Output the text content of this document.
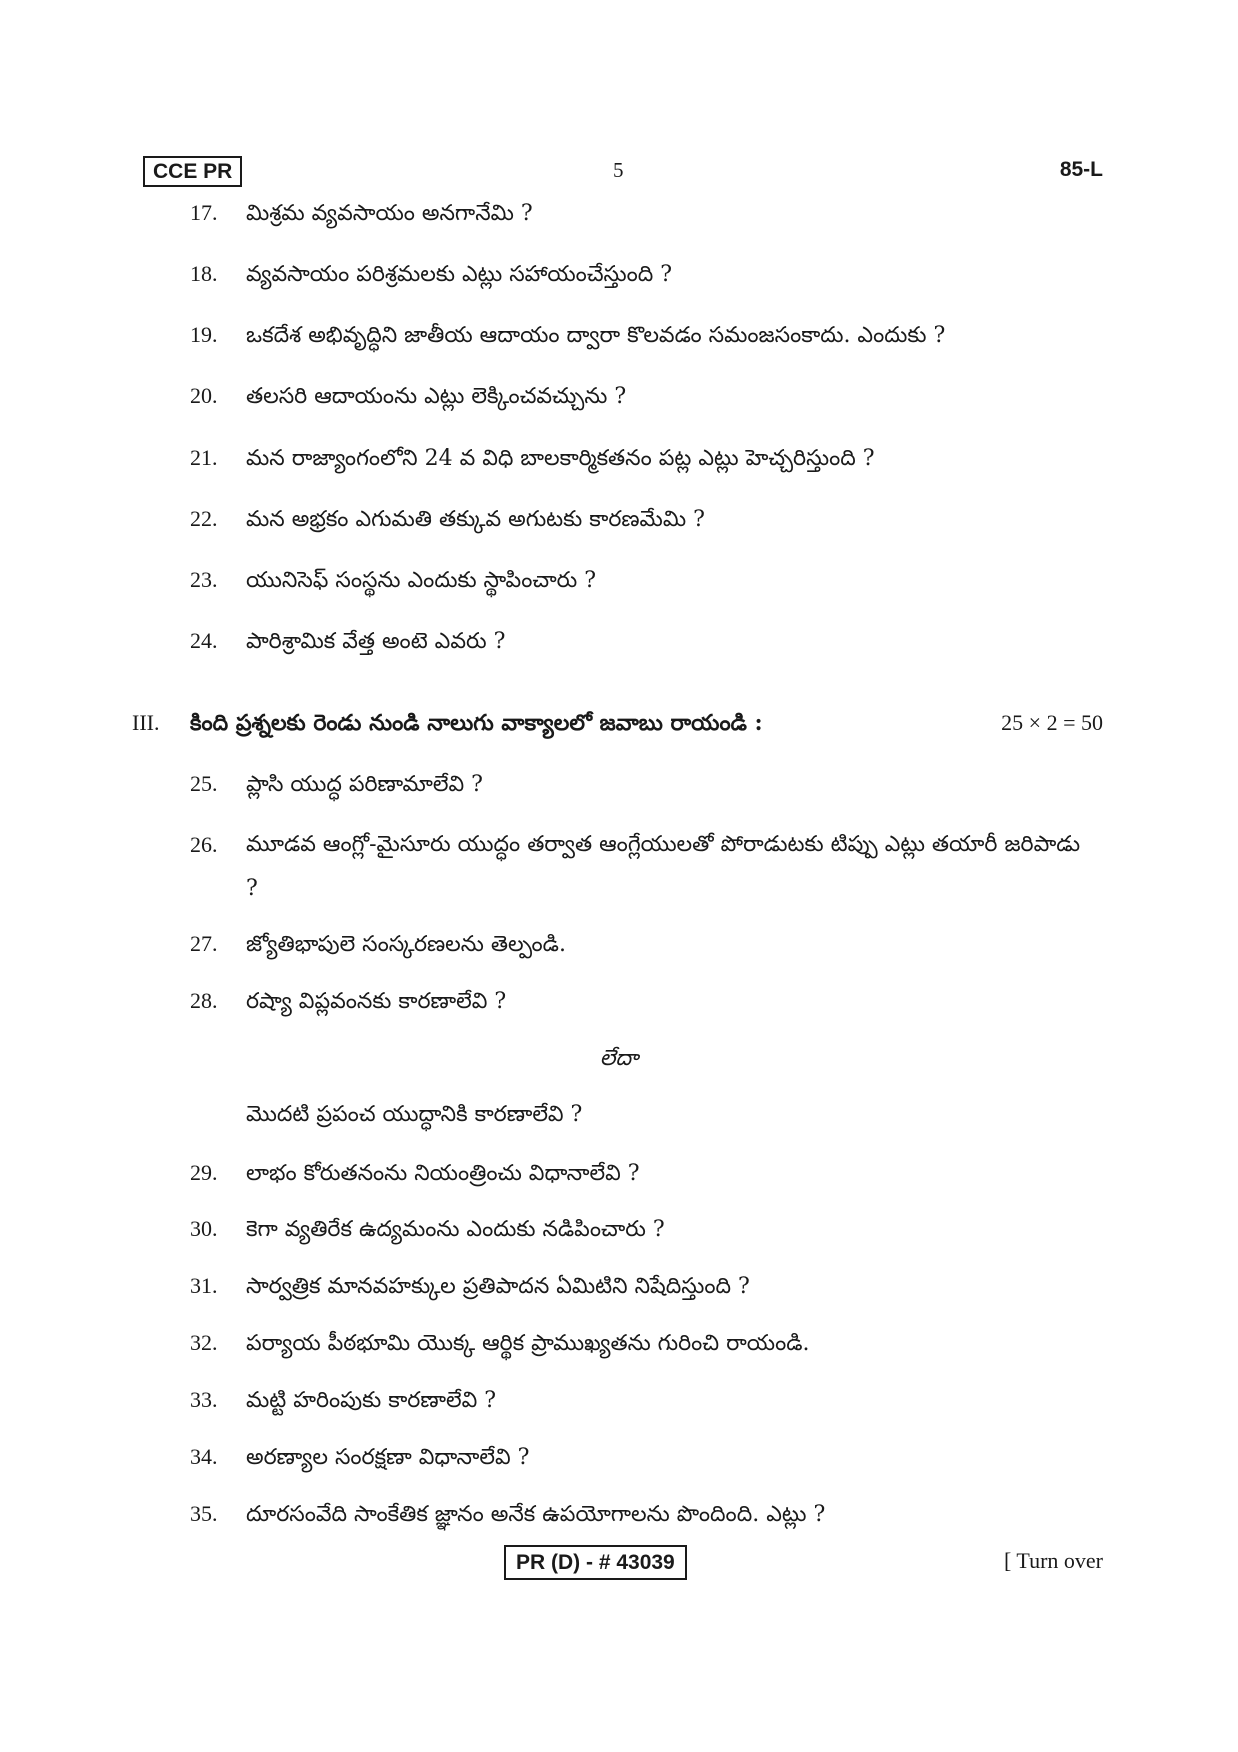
CCE PR	5	85-L
17. మిశ్రమ వ్యవసాయం అనగానేమి ?
18. వ్యవసాయం పరిశ్రమలకు ఎట్లు సహాయంచేస్తుంది ?
19. ఒకదేశ అభివృద్ధిని జాతీయ ఆదాయం ద్వారా కొలవడం సమంజసంకాదు. ఎందుకు ?
20. తలసరి ఆదాయంను ఎట్లు లెక్కించవచ్చును ?
21. మన రాజ్యాంగంలోని 24 వ విధి బాలకార్మికతనం పట్ల ఎట్లు హెచ్చరిస్తుంది ?
22. మన అభ్రకం ఎగుమతి తక్కువ అగుటకు కారణమేమి ?
23. యునిసెఫ్ సంస్థను ఎందుకు స్థాపించారు ?
24. పారిశ్రామిక వేత్త అంటె ఎవరు ?
III. కింది ప్రశ్నలకు రెండు నుండి నాలుగు వాక్యాలలో జవాబు రాయండి :	25 × 2 = 50
25. ప్లాసి యుద్ధ పరిణామాలేవి ?
26. మూడవ ఆంగ్లో-మైసూరు యుద్ధం తర్వాత ఆంగ్లేయులతో పోరాడుటకు టిప్పు ఎట్లు తయారీ జరిపాడు ?
27. జ్యోతిభాపులె సంస్కరణలను తెల్పండి.
28. రష్యా విప్లవంనకు కారణాలేవి ?
లేదా
మొదటి ప్రపంచ యుద్ధానికి కారణాలేవి ?
29. లాభం కోరుతనంను నియంత్రించు విధానాలేవి ?
30. కెగా వ్యతిరేక ఉద్యమంను ఎందుకు నడిపించారు ?
31. సార్వత్రిక మానవహక్కుల ప్రతిపాదన ఏమిటిని నిషేదిస్తుంది ?
32. పర్యాయ పీఠభూమి యొక్క ఆర్థిక ప్రాముఖ్యతను గురించి రాయండి.
33. మట్టి హరింపుకు కారణాలేవి ?
34. అరణ్యాల సంరక్షణా విధానాలేవి ?
35. దూరసంవేది సాంకేతిక జ్ఞానం అనేక ఉపయోగాలను పొందింది. ఎట్లు ?
PR (D) - # 43039	[ Turn over
